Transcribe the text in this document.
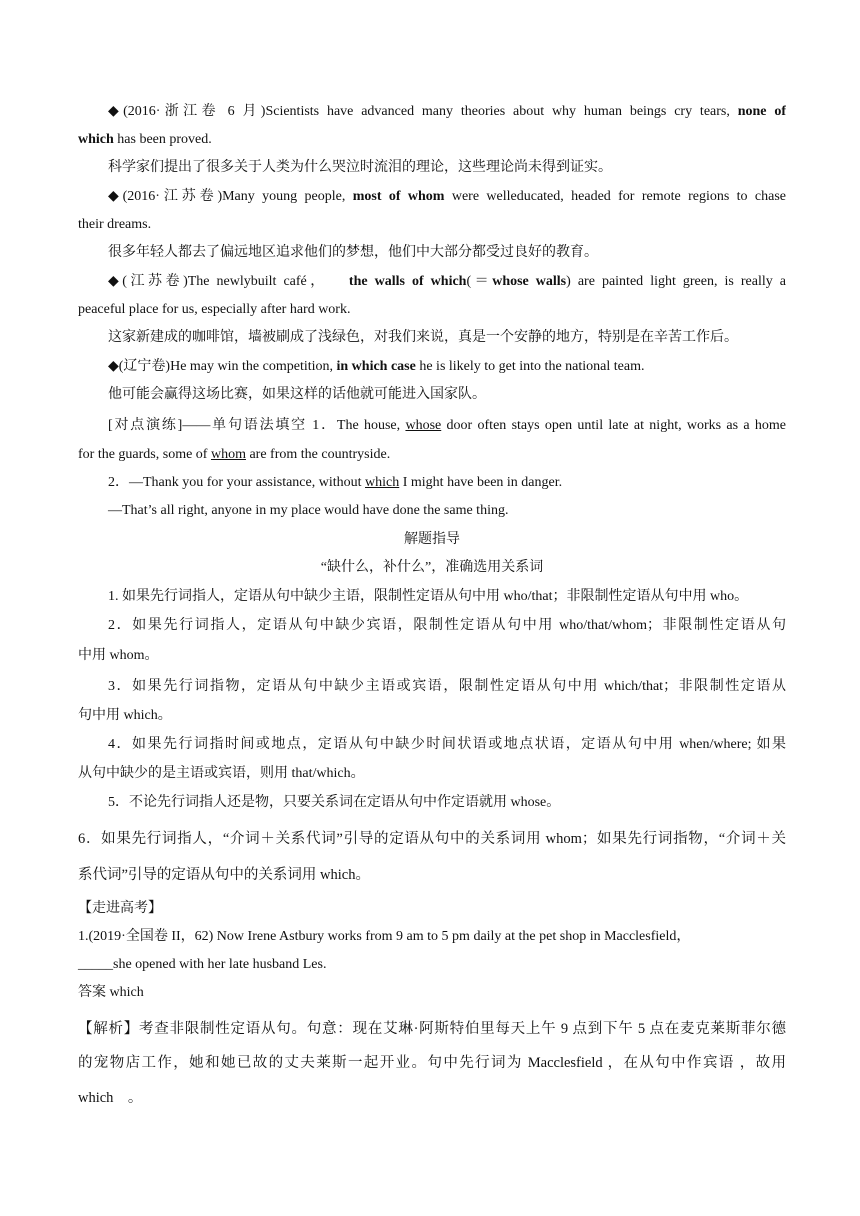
◆(2016·浙江卷 6 月)Scientists have advanced many theories about why human beings cry tears, none of
which has been proved.
科学家们提出了很多关于人类为什么哭泣时流泪的理论，这些理论尚未得到证实。
◆(2016·江苏卷)Many young people, most of whom were welleducated, headed for remote regions to chase
their dreams.
很多年轻人都去了偏远地区追求他们的梦想，他们中大部分都受过良好的教育。
◆(江苏卷)The newlybuilt café， the walls of which(＝whose walls) are painted light green, is really a
peaceful place for us, especially after hard work.
这家新建成的咖啡馆，墙被刷成了浅绿色，对我们来说，真是一个安静的地方，特别是在辛苦工作后。
◆(辽宁卷)He may win the competition, in which case he is likely to get into the national team.
他可能会赢得这场比赛，如果这样的话他就可能进入国家队。
[对点演练]——单句语法填空 1．The house, whose door often stays open until late at night, works as a home
for the guards, some of whom are from the countryside.
2．—Thank you for your assistance, without which I might have been in danger.
—That’s all right, anyone in my place would have done the same thing.
解题指导
“缺什么，补什么”，准确选用关系词
1. 如果先行词指人，定语从句中缺少主语，限制性定语从句中用 who/that；非限制性定语从句中用 who。
2．如果先行词指人，定语从句中缺少宾语，限制性定语从句中用 who/that/whom；非限制性定语从句
中用 whom。
3．如果先行词指物，定语从句中缺少主语或宾语，限制性定语从句中用 which/that；非限制性定语从
句中用 which。
4．如果先行词指时间或地点，定语从句中缺少时间状语或地点状语，定语从句中用 when/where; 如果
从句中缺少的是主语或宾语，则用 that/which。
5．不论先行词指人还是物，只要关系词在定语从句中作定语就用 whose。
6．如果先行词指人，“介词＋关系代词”引导的定语从句中的关系词用 whom；如果先行词指物，“介词＋关
系代词”引导的定语从句中的关系词用 which。
【走进高考】
1.(2019·全国卷 II，62) Now Irene Astbury works from 9 am to 5 pm daily at the pet shop in Macclesfield，
_____she opened with her late husband Les.
答案 which
【解析】考查非限制性定语从句。句意：现在艾琳·阿斯特伯里每天上午 9 点到下午 5 点在麦克莱斯菲尔德
的宠物店工作，她和她已故的丈夫莱斯一起开业。句中先行词为 Macclesfield ，在从句中作宾语 ，故用
which　。
